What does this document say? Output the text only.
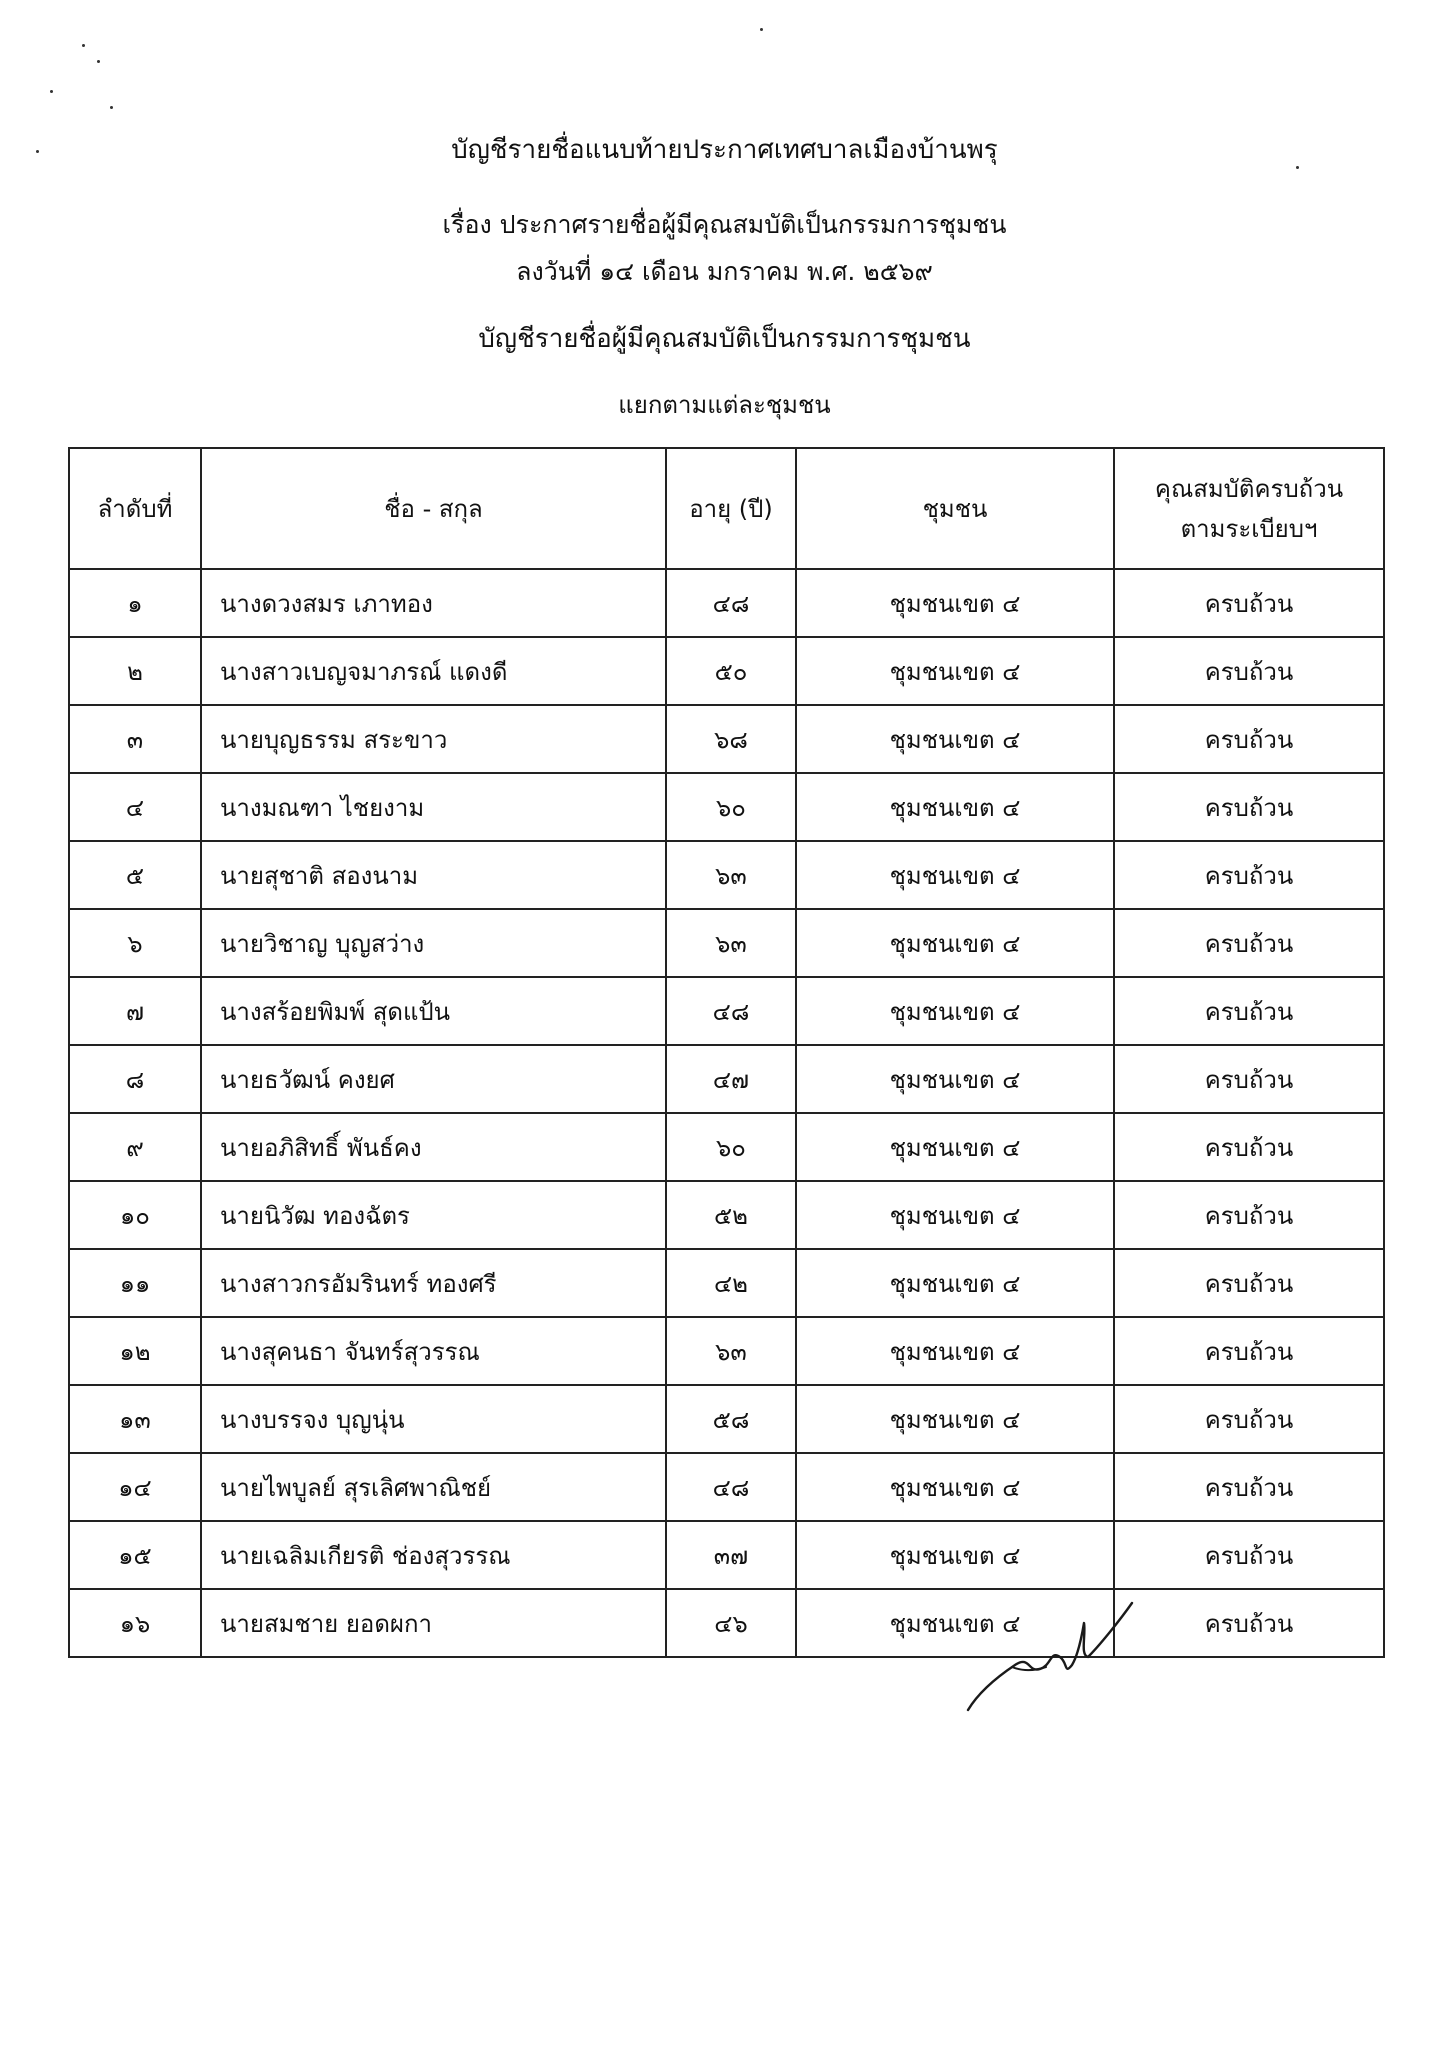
บัญชีรายชื่อแนบท้ายประกาศเทศบาลเมืองบ้านพรุ
เรื่อง ประกาศรายชื่อผู้มีคุณสมบัติเป็นกรรมการชุมชน
ลงวันที่ ๑๔ เดือน มกราคม พ.ศ. ๒๕๖๙
บัญชีรายชื่อผู้มีคุณสมบัติเป็นกรรมการชุมชน
แยกตามแต่ละชุมชน
ลำดับที่	ชื่อ - สกุล	อายุ (ปี)	ชุมชน	คุณสมบัติครบถ้วน
ตามระเบียบฯ

๑	นางดวงสมร เภาทอง	๔๘	ชุมชนเขต ๔	ครบถ้วน
๒	นางสาวเบญจมาภรณ์ แดงดี	๕๐	ชุมชนเขต ๔	ครบถ้วน
๓	นายบุญธรรม สระขาว	๖๘	ชุมชนเขต ๔	ครบถ้วน
๔	นางมณฑา ไชยงาม	๖๐	ชุมชนเขต ๔	ครบถ้วน
๕	นายสุชาติ สองนาม	๖๓	ชุมชนเขต ๔	ครบถ้วน
๖	นายวิชาญ บุญสว่าง	๖๓	ชุมชนเขต ๔	ครบถ้วน
๗	นางสร้อยพิมพ์ สุดแป้น	๔๘	ชุมชนเขต ๔	ครบถ้วน
๘	นายธวัฒน์ คงยศ	๔๗	ชุมชนเขต ๔	ครบถ้วน
๙	นายอภิสิทธิ์ พันธ์คง	๖๐	ชุมชนเขต ๔	ครบถ้วน
๑๐	นายนิวัฒ ทองฉัตร	๕๒	ชุมชนเขต ๔	ครบถ้วน
๑๑	นางสาวกรอัมรินทร์ ทองศรี	๔๒	ชุมชนเขต ๔	ครบถ้วน
๑๒	นางสุคนธา จันทร์สุวรรณ	๖๓	ชุมชนเขต ๔	ครบถ้วน
๑๓	นางบรรจง บุญนุ่น	๕๘	ชุมชนเขต ๔	ครบถ้วน
๑๔	นายไพบูลย์ สุรเลิศพาณิชย์	๔๘	ชุมชนเขต ๔	ครบถ้วน
๑๕	นายเฉลิมเกียรติ ช่องสุวรรณ	๓๗	ชุมชนเขต ๔	ครบถ้วน
๑๖	นายสมชาย ยอดผกา	๔๖	ชุมชนเขต ๔	ครบถ้วน
